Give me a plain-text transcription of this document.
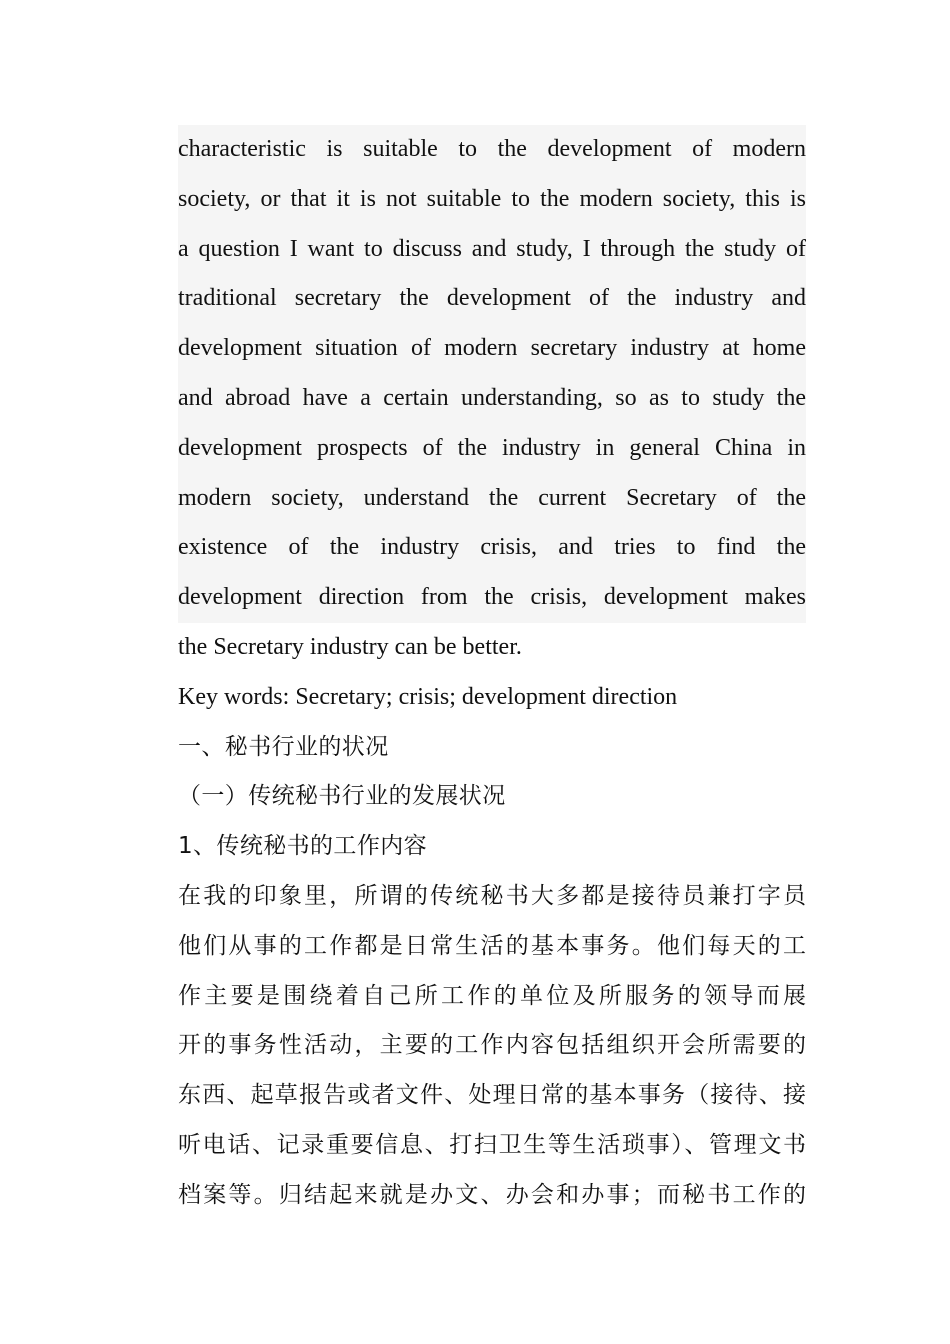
characteristic is suitable to the development of modern
society, or that it is not suitable to the modern society, this is
a question I want to discuss and study, I through the study of
traditional secretary the development of the industry and
development situation of modern secretary industry at home
and abroad have a certain understanding, so as to study the
development prospects of the industry in general China in
modern society, understand the current Secretary of the
existence of the industry crisis, and tries to find the
development direction from the crisis, development makes
the Secretary industry can be better.
Key words: Secretary; crisis; development direction
一、秘书行业的状况
（一）传统秘书行业的发展状况
1、传统秘书的工作内容
在我的印象里，所谓的传统秘书大多都是接待员兼打字员
他们从事的工作都是日常生活的基本事务。他们每天的工
作主要是围绕着自己所工作的单位及所服务的领导而展
开的事务性活动，主要的工作内容包括组织开会所需要的
东西、起草报告或者文件、处理日常的基本事务（接待、接
听电话、记录重要信息、打扫卫生等生活琐事）、管理文书
档案等。归结起来就是办文、办会和办事；而秘书工作的
